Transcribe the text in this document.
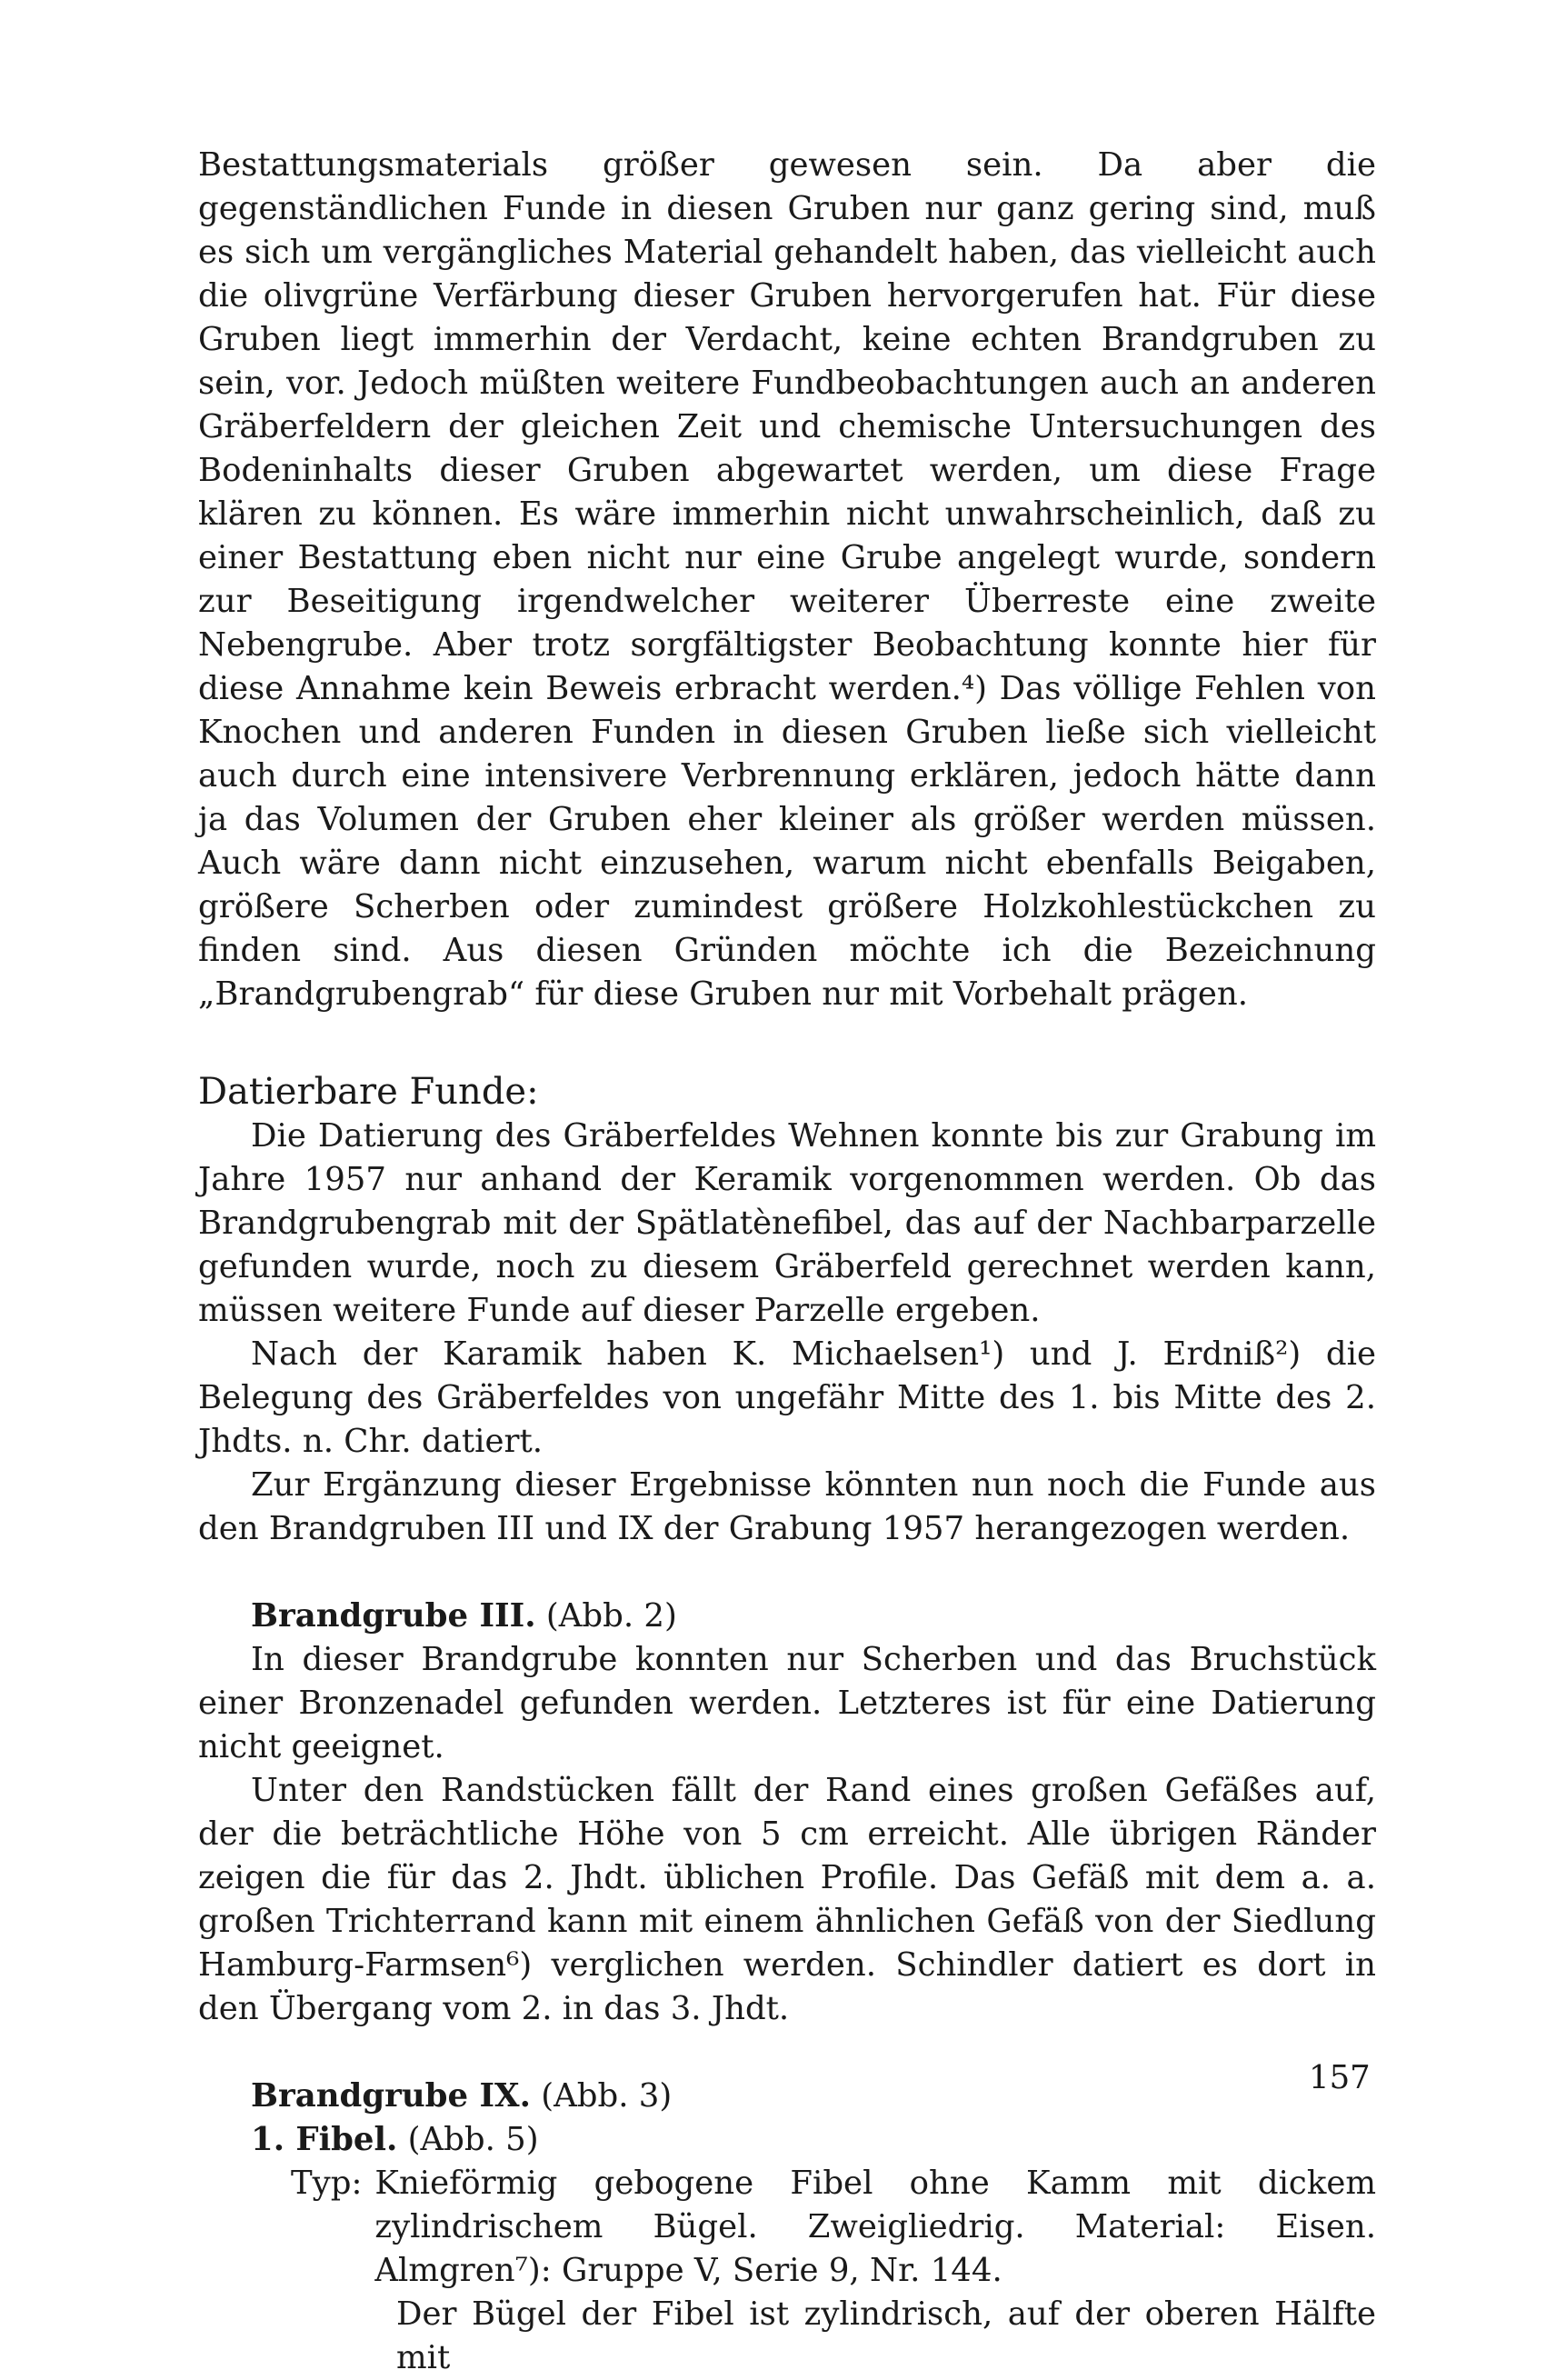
Bestattungsmaterials größer gewesen sein. Da aber die gegenständlichen Funde in diesen Gruben nur ganz gering sind, muß es sich um vergängliches Material gehandelt haben, das vielleicht auch die olivgrüne Verfärbung dieser Gruben hervorgerufen hat. Für diese Gruben liegt immerhin der Verdacht, keine echten Brandgruben zu sein, vor. Jedoch müßten weitere Fundbeobachtungen auch an anderen Gräberfeldern der gleichen Zeit und chemische Untersuchungen des Bodeninhalts dieser Gruben abgewartet werden, um diese Frage klären zu können. Es wäre immerhin nicht unwahrscheinlich, daß zu einer Bestattung eben nicht nur eine Grube angelegt wurde, sondern zur Beseitigung irgendwelcher weiterer Überreste eine zweite Nebengrube. Aber trotz sorgfältigster Beobachtung konnte hier für diese Annahme kein Beweis erbracht werden.⁴) Das völlige Fehlen von Knochen und anderen Funden in diesen Gruben ließe sich vielleicht auch durch eine intensivere Verbrennung erklären, jedoch hätte dann ja das Volumen der Gruben eher kleiner als größer werden müssen. Auch wäre dann nicht einzusehen, warum nicht ebenfalls Beigaben, größere Scherben oder zumindest größere Holzkohlestückchen zu finden sind. Aus diesen Gründen möchte ich die Bezeichnung „Brandgrubengrab“ für diese Gruben nur mit Vorbehalt prägen.

Datierbare Funde:

Die Datierung des Gräberfeldes Wehnen konnte bis zur Grabung im Jahre 1957 nur anhand der Keramik vorgenommen werden. Ob das Brandgrubengrab mit der Spätlatènefibel, das auf der Nachbarparzelle gefunden wurde, noch zu diesem Gräberfeld gerechnet werden kann, müssen weitere Funde auf dieser Parzelle ergeben.

Nach der Karamik haben K. Michaelsen¹) und J. Erdniß²) die Belegung des Gräberfeldes von ungefähr Mitte des 1. bis Mitte des 2. Jhdts. n. Chr. datiert.

Zur Ergänzung dieser Ergebnisse könnten nun noch die Funde aus den Brandgruben III und IX der Grabung 1957 herangezogen werden.

Brandgrube III. (Abb. 2)

In dieser Brandgrube konnten nur Scherben und das Bruchstück einer Bronzenadel gefunden werden. Letzteres ist für eine Datierung nicht geeignet.

Unter den Randstücken fällt der Rand eines großen Gefäßes auf, der die beträchtliche Höhe von 5 cm erreicht. Alle übrigen Ränder zeigen die für das 2. Jhdt. üblichen Profile. Das Gefäß mit dem a. a. großen Trichterrand kann mit einem ähnlichen Gefäß von der Siedlung Hamburg-Farmsen⁶) verglichen werden. Schindler datiert es dort in den Übergang vom 2. in das 3. Jhdt.

Brandgrube IX. (Abb. 3)
1. Fibel. (Abb. 5)
Typ: Knieförmig gebogene Fibel ohne Kamm mit dickem zylindrischem Bügel. Zweigliedrig. Material: Eisen. Almgren⁷): Gruppe V, Serie 9, Nr. 144.

Der Bügel der Fibel ist zylindrisch, auf der oberen Hälfte mit

157
